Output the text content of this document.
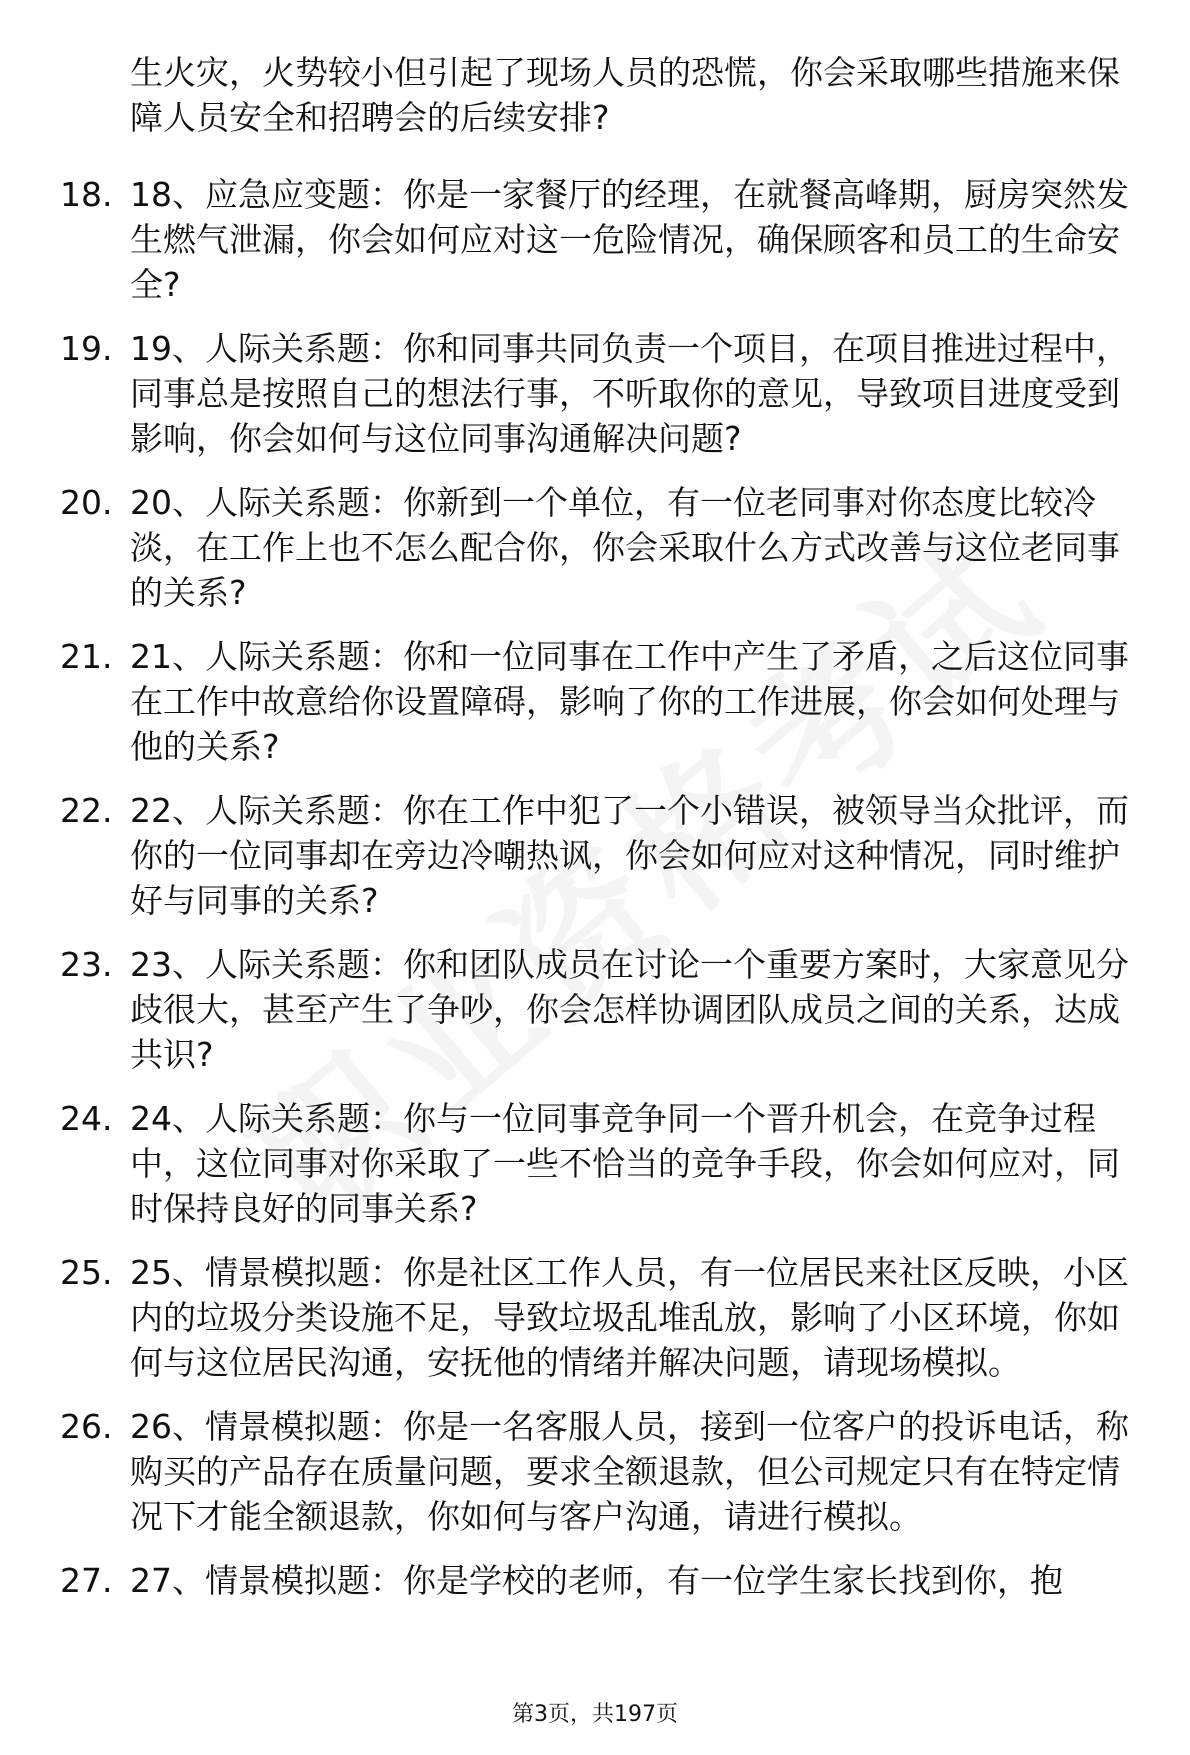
生火灾，火势较小但引起了现场人员的恐慌，你会采取哪些措施来保障人员安全和招聘会的后续安排?
18. 18、应急应变题：你是一家餐厅的经理，在就餐高峰期，厨房突然发生燃气泄漏，你会如何应对这一危险情况，确保顾客和员工的生命安全?
19. 19、人际关系题：你和同事共同负责一个项目，在项目推进过程中，同事总是按照自己的想法行事，不听取你的意见，导致项目进度受到影响，你会如何与这位同事沟通解决问题?
20. 20、人际关系题：你新到一个单位，有一位老同事对你态度比较冷淡，在工作上也不怎么配合你，你会采取什么方式改善与这位老同事的关系?
21. 21、人际关系题：你和一位同事在工作中产生了矛盾，之后这位同事在工作中故意给你设置障碍，影响了你的工作进展，你会如何处理与他的关系?
22. 22、人际关系题：你在工作中犯了一个小错误，被领导当众批评，而你的一位同事却在旁边冷嘲热讽，你会如何应对这种情况，同时维护好与同事的关系?
23. 23、人际关系题：你和团队成员在讨论一个重要方案时，大家意见分歧很大，甚至产生了争吵，你会怎样协调团队成员之间的关系，达成共识?
24. 24、人际关系题：你与一位同事竞争同一个晋升机会，在竞争过程中，这位同事对你采取了一些不恰当的竞争手段，你会如何应对，同时保持良好的同事关系?
25. 25、情景模拟题：你是社区工作人员，有一位居民来社区反映，小区内的垃圾分类设施不足，导致垃圾乱堆乱放，影响了小区环境，你如何与这位居民沟通，安抚他的情绪并解决问题，请现场模拟。
26. 26、情景模拟题：你是一名客服人员，接到一位客户的投诉电话，称购买的产品存在质量问题，要求全额退款，但公司规定只有在特定情况下才能全额退款，你如何与客户沟通，请进行模拟。
27. 27、情景模拟题：你是学校的老师，有一位学生家长找到你，抱
第3页，共197页
